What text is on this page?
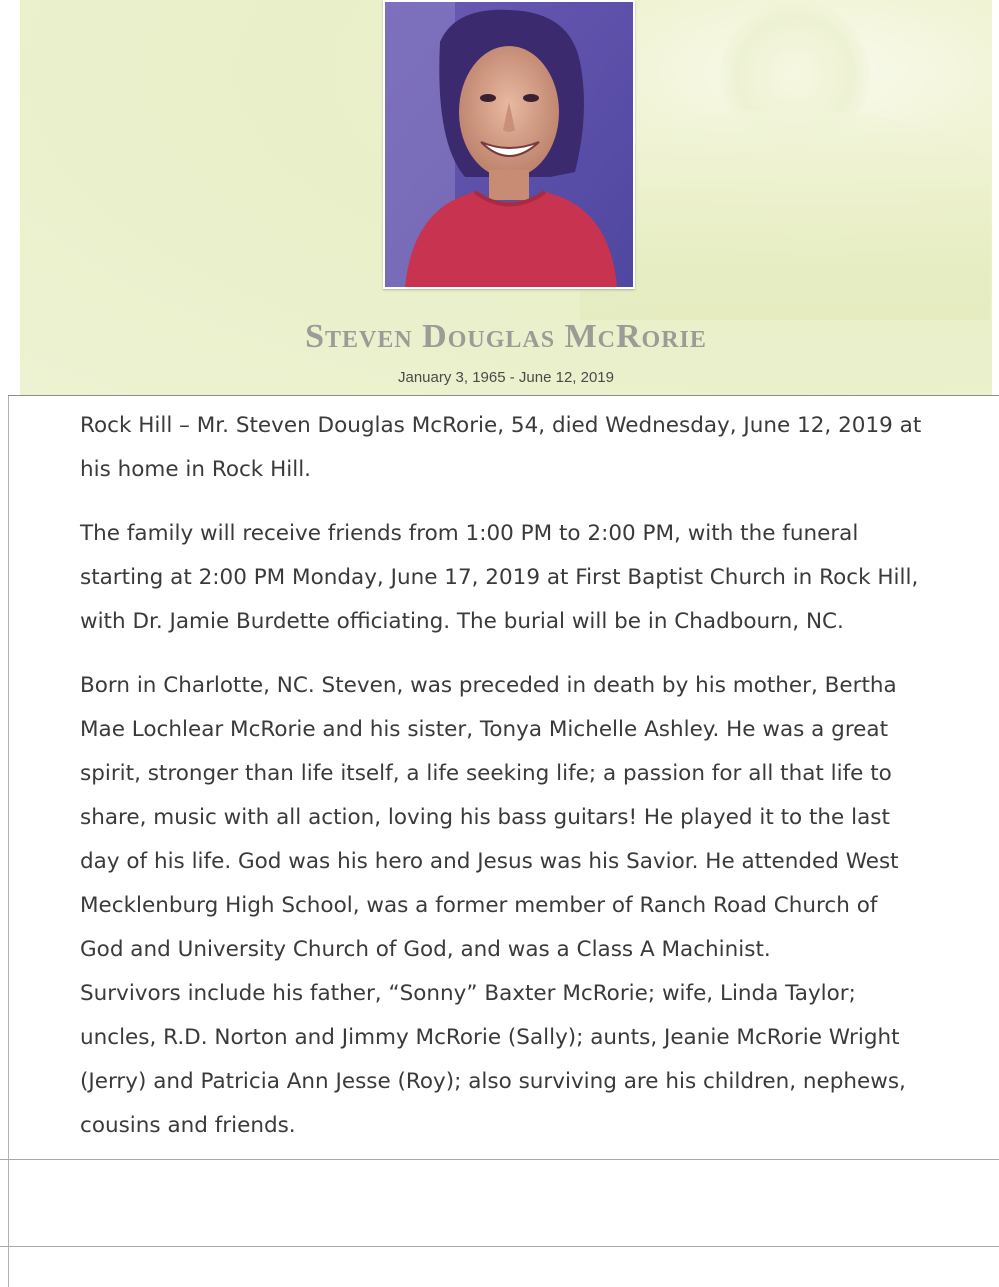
Steven Douglas McRorie
January 3, 1965 - June 12, 2019

Rock Hill – Mr. Steven Douglas McRorie, 54, died Wednesday, June 12, 2019 at his home in Rock Hill.

The family will receive friends from 1:00 PM to 2:00 PM, with the funeral starting at 2:00 PM Monday, June 17, 2019 at First Baptist Church in Rock Hill, with Dr. Jamie Burdette officiating. The burial will be in Chadbourn, NC.

Born in Charlotte, NC. Steven, was preceded in death by his mother, Bertha Mae Lochlear McRorie and his sister, Tonya Michelle Ashley. He was a great spirit, stronger than life itself, a life seeking life; a passion for all that life to share, music with all action, loving his bass guitars! He played it to the last day of his life. God was his hero and Jesus was his Savior. He attended West Mecklenburg High School, was a former member of Ranch Road Church of God and University Church of God, and was a Class A Machinist.

Survivors include his father, “Sonny” Baxter McRorie; wife, Linda Taylor; uncles, R.D. Norton and Jimmy McRorie (Sally); aunts, Jeanie McRorie Wright (Jerry) and Patricia Ann Jesse (Roy); also surviving are his children, nephews, cousins and friends.
